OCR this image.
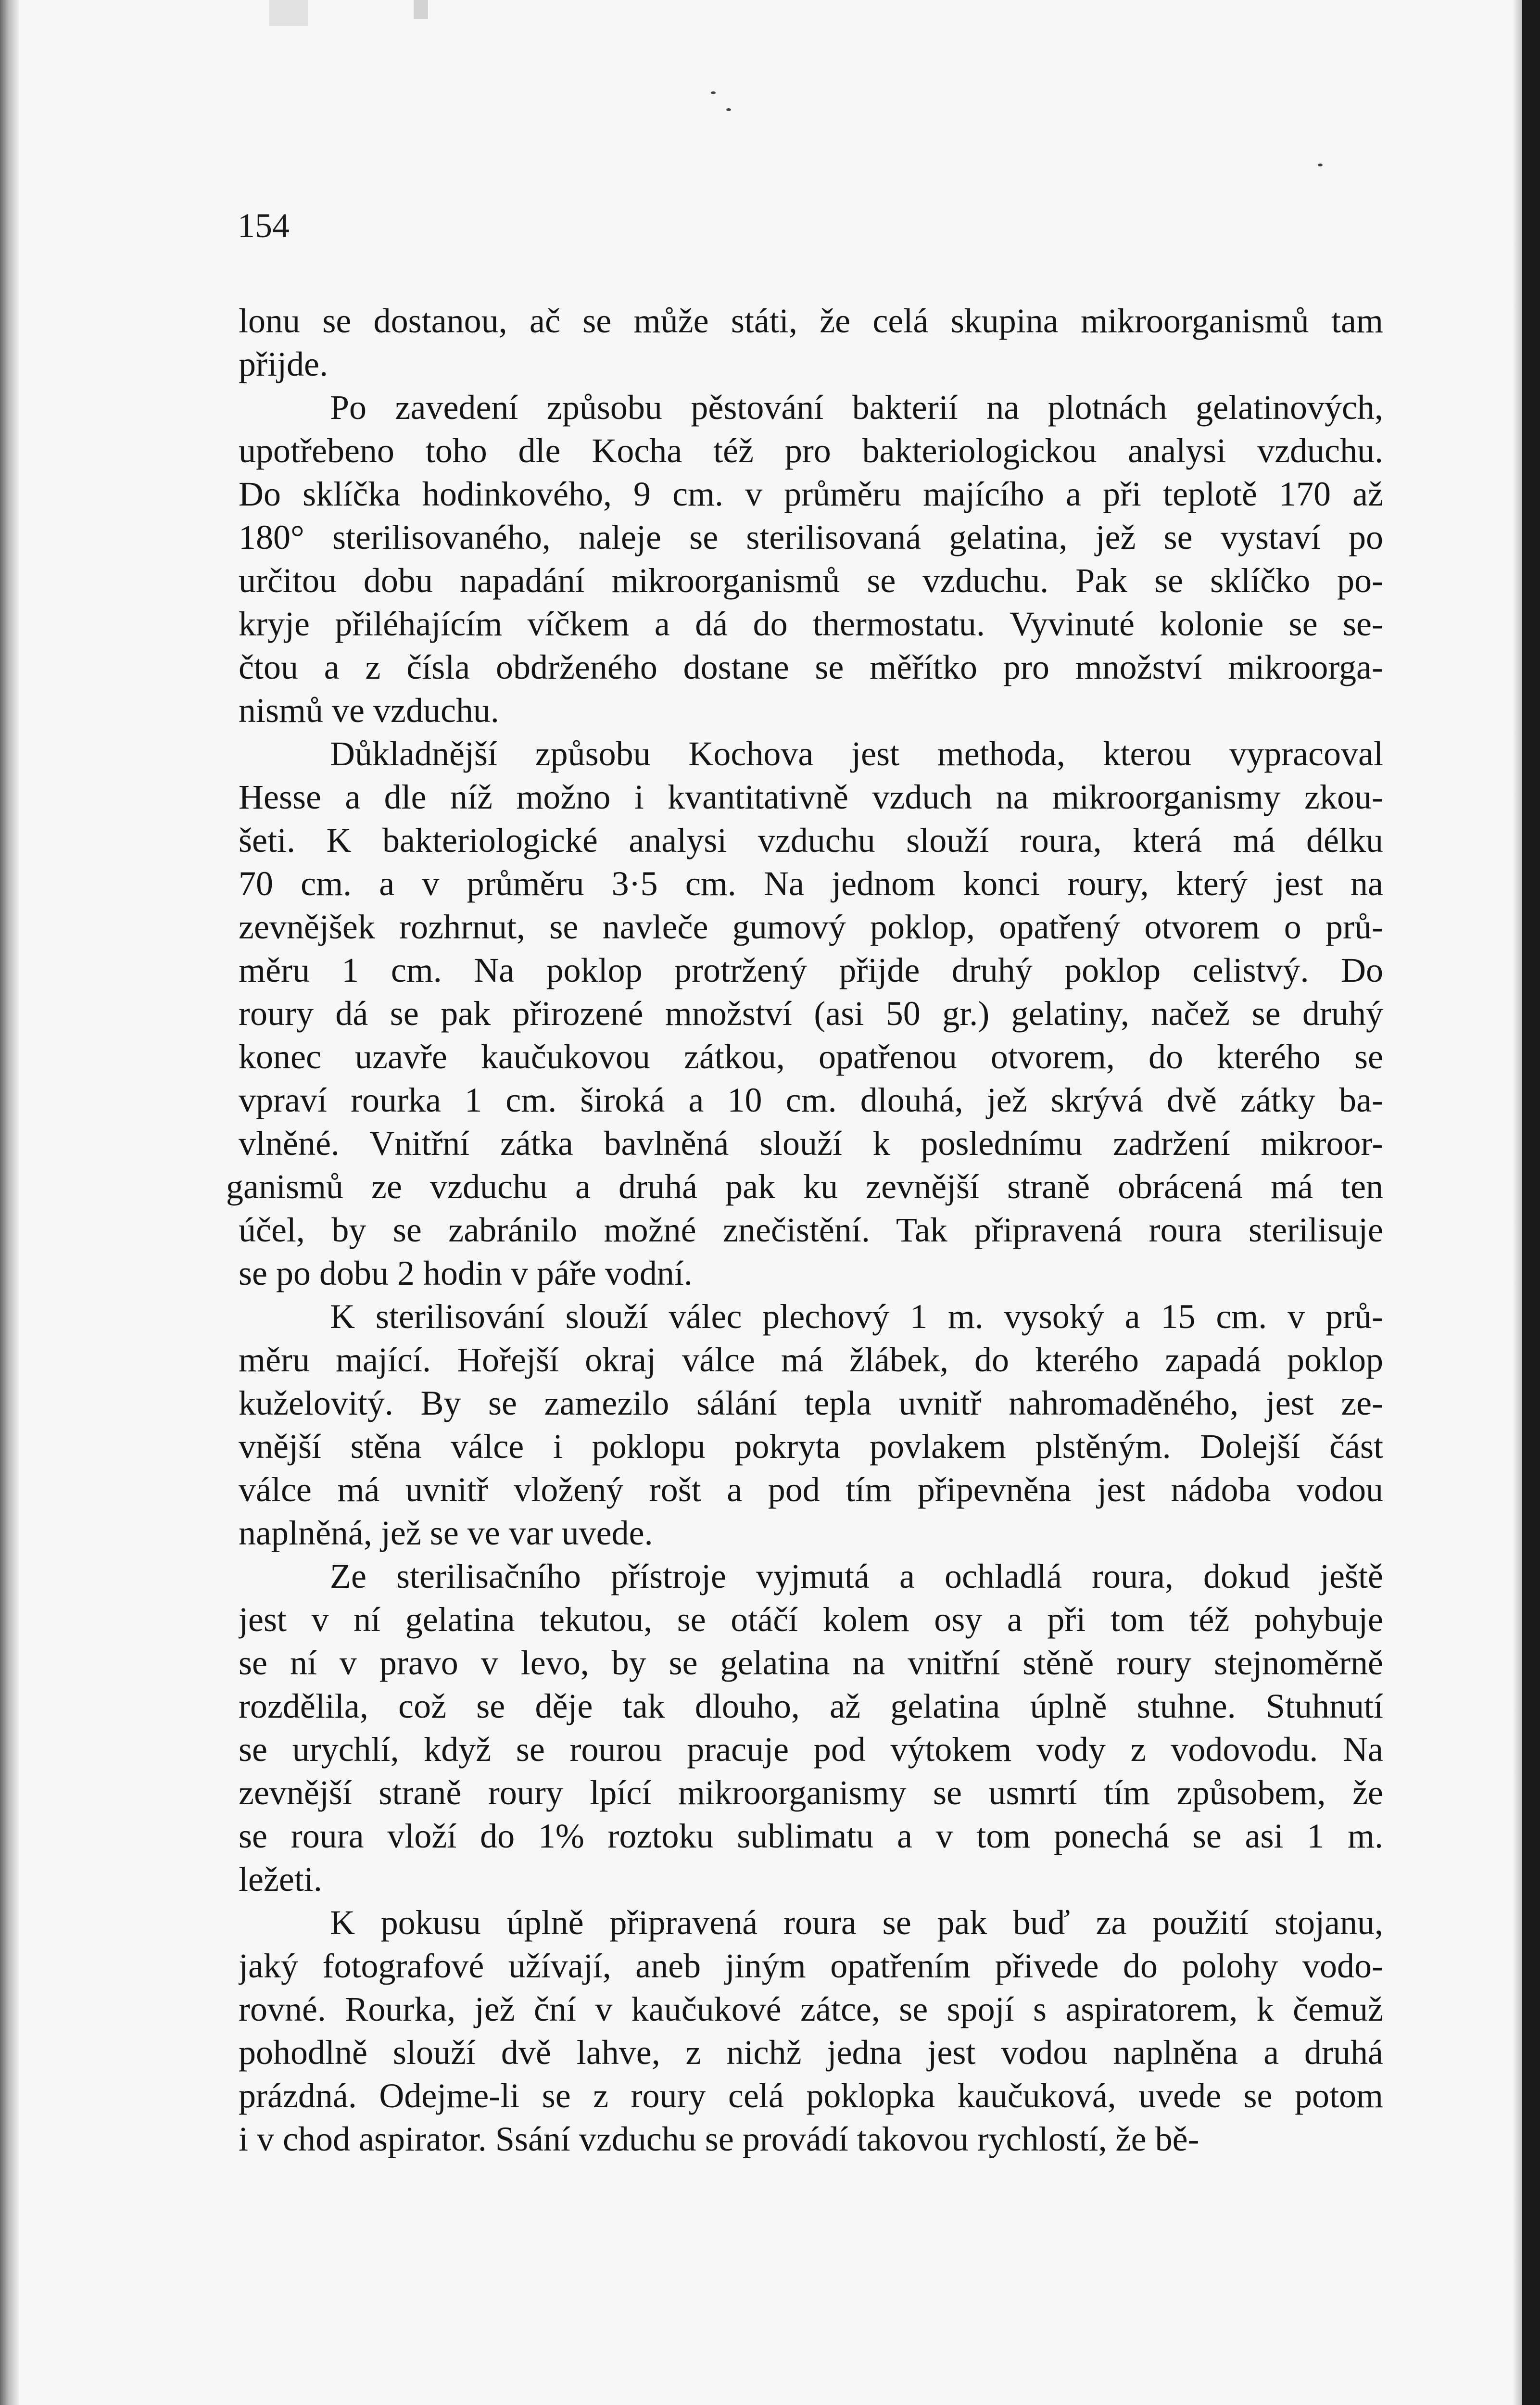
154
lonu se dostanou, ač se může státi, že celá skupina mikroorganismů tam
přijde.
Po zavedení způsobu pěstování bakterií na plotnách gelatinových,
upotřebeno toho dle Kocha též pro bakteriologickou analysi vzduchu.
Do sklíčka hodinkového, 9 cm. v průměru majícího a při teplotě 170 až
180° sterilisovaného, naleje se sterilisovaná gelatina, jež se vystaví po
určitou dobu napadání mikroorganismů se vzduchu. Pak se sklíčko po-
kryje přiléhajícím víčkem a dá do thermostatu. Vyvinuté kolonie se se-
čtou a z čísla obdrženého dostane se měřítko pro množství mikroorga-
nismů ve vzduchu.
Důkladnější způsobu Kochova jest methoda, kterou vypracoval
Hesse a dle níž možno i kvantitativně vzduch na mikroorganismy zkou-
šeti. K bakteriologické analysi vzduchu slouží roura, která má délku
70 cm. a v průměru 3·5 cm. Na jednom konci roury, který jest na
zevnějšek rozhrnut, se navleče gumový poklop, opatřený otvorem o prů-
měru 1 cm. Na poklop protržený přijde druhý poklop celistvý. Do
roury dá se pak přirozené množství (asi 50 gr.) gelatiny, načež se druhý
konec uzavře kaučukovou zátkou, opatřenou otvorem, do kterého se
vpraví rourka 1 cm. široká a 10 cm. dlouhá, jež skrývá dvě zátky ba-
vlněné. Vnitřní zátka bavlněná slouží k poslednímu zadržení mikroor-
ganismů ze vzduchu a druhá pak ku zevnější straně obrácená má ten
účel, by se zabránilo možné znečistění. Tak připravená roura sterilisuje
se po dobu 2 hodin v páře vodní.
K sterilisování slouží válec plechový 1 m. vysoký a 15 cm. v prů-
měru mající. Hořejší okraj válce má žlábek, do kterého zapadá poklop
kuželovitý. By se zamezilo sálání tepla uvnitř nahromaděného, jest ze-
vnější stěna válce i poklopu pokryta povlakem plstěným. Dolejší část
válce má uvnitř vložený rošt a pod tím připevněna jest nádoba vodou
naplněná, jež se ve var uvede.
Ze sterilisačního přístroje vyjmutá a ochladlá roura, dokud ještě
jest v ní gelatina tekutou, se otáčí kolem osy a při tom též pohybuje
se ní v pravo v levo, by se gelatina na vnitřní stěně roury stejnoměrně
rozdělila, což se děje tak dlouho, až gelatina úplně stuhne. Stuhnutí
se urychlí, když se rourou pracuje pod výtokem vody z vodovodu. Na
zevnější straně roury lpící mikroorganismy se usmrtí tím způsobem, že
se roura vloží do 1% roztoku sublimatu a v tom ponechá se asi 1 m.
ležeti.
K pokusu úplně připravená roura se pak buď za použití stojanu,
jaký fotografové užívají, aneb jiným opatřením přivede do polohy vodo-
rovné. Rourka, jež ční v kaučukové zátce, se spojí s aspiratorem, k čemuž
pohodlně slouží dvě lahve, z nichž jedna jest vodou naplněna a druhá
prázdná. Odejme-li se z roury celá poklopka kaučuková, uvede se potom
i v chod aspirator. Ssání vzduchu se provádí takovou rychlostí, že bě-
